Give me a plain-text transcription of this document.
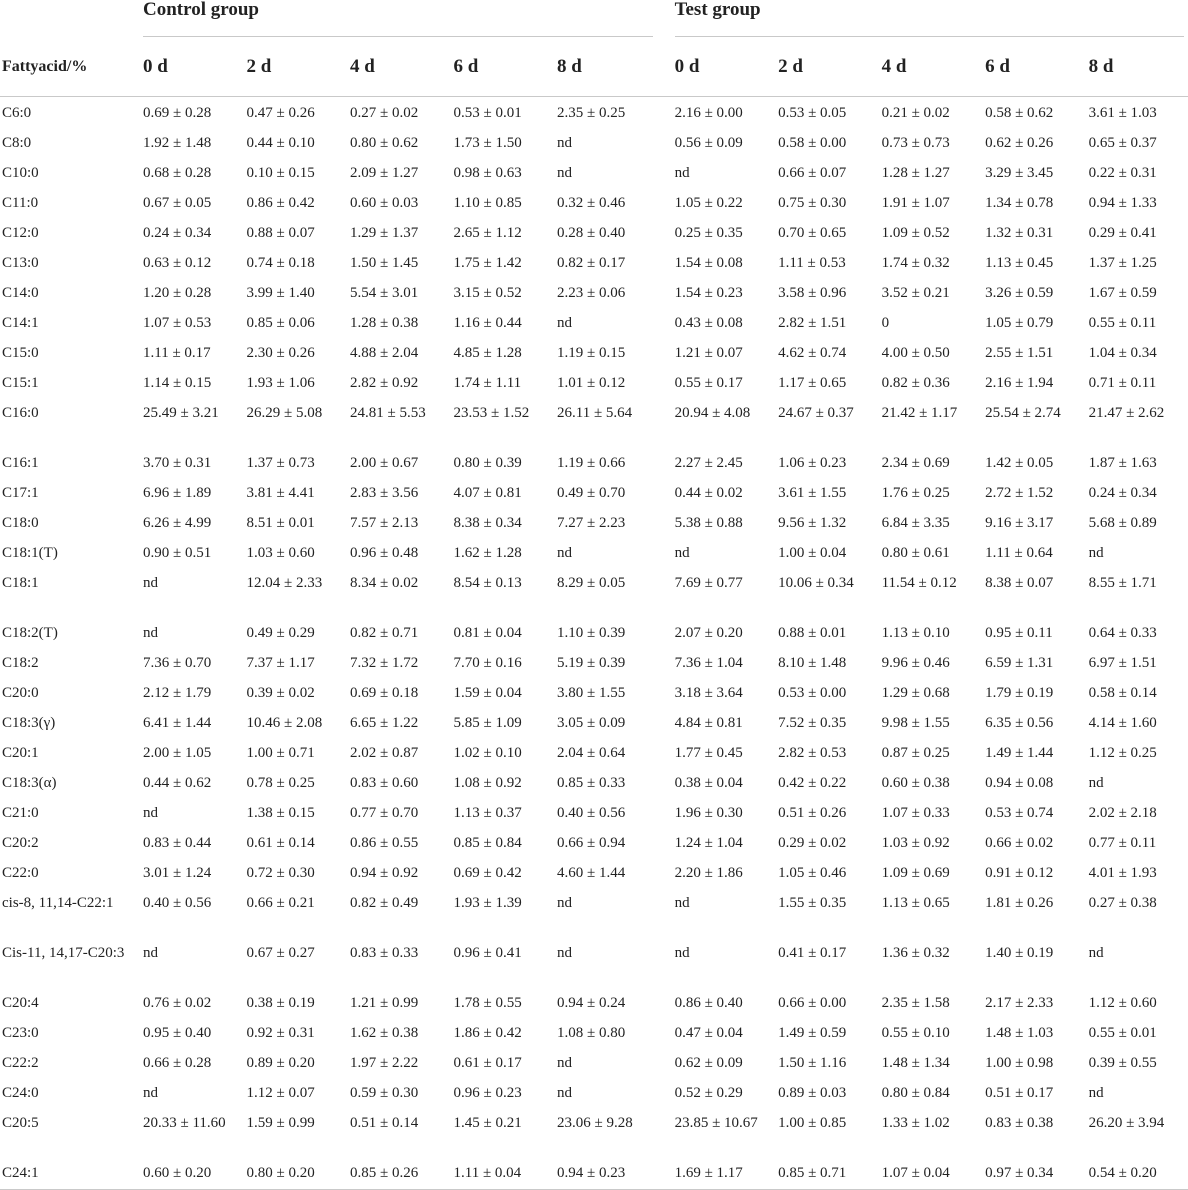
	Control group						Test group				

Fattyacid/%	0 d	2 d	4 d	6 d	8 d		0 d	2 d	4 d	6 d	8 d
C6:0	0.69 ± 0.28	0.47 ± 0.26	0.27 ± 0.02	0.53 ± 0.01	2.35 ± 0.25		2.16 ± 0.00	0.53 ± 0.05	0.21 ± 0.02	0.58 ± 0.62	3.61 ± 1.03
C8:0	1.92 ± 1.48	0.44 ± 0.10	0.80 ± 0.62	1.73 ± 1.50	nd		0.56 ± 0.09	0.58 ± 0.00	0.73 ± 0.73	0.62 ± 0.26	0.65 ± 0.37
C10:0	0.68 ± 0.28	0.10 ± 0.15	2.09 ± 1.27	0.98 ± 0.63	nd		nd	0.66 ± 0.07	1.28 ± 1.27	3.29 ± 3.45	0.22 ± 0.31
C11:0	0.67 ± 0.05	0.86 ± 0.42	0.60 ± 0.03	1.10 ± 0.85	0.32 ± 0.46		1.05 ± 0.22	0.75 ± 0.30	1.91 ± 1.07	1.34 ± 0.78	0.94 ± 1.33
C12:0	0.24 ± 0.34	0.88 ± 0.07	1.29 ± 1.37	2.65 ± 1.12	0.28 ± 0.40		0.25 ± 0.35	0.70 ± 0.65	1.09 ± 0.52	1.32 ± 0.31	0.29 ± 0.41
C13:0	0.63 ± 0.12	0.74 ± 0.18	1.50 ± 1.45	1.75 ± 1.42	0.82 ± 0.17		1.54 ± 0.08	1.11 ± 0.53	1.74 ± 0.32	1.13 ± 0.45	1.37 ± 1.25
C14:0	1.20 ± 0.28	3.99 ± 1.40	5.54 ± 3.01	3.15 ± 0.52	2.23 ± 0.06		1.54 ± 0.23	3.58 ± 0.96	3.52 ± 0.21	3.26 ± 0.59	1.67 ± 0.59
C14:1	1.07 ± 0.53	0.85 ± 0.06	1.28 ± 0.38	1.16 ± 0.44	nd		0.43 ± 0.08	2.82 ± 1.51	0	1.05 ± 0.79	0.55 ± 0.11
C15:0	1.11 ± 0.17	2.30 ± 0.26	4.88 ± 2.04	4.85 ± 1.28	1.19 ± 0.15		1.21 ± 0.07	4.62 ± 0.74	4.00 ± 0.50	2.55 ± 1.51	1.04 ± 0.34
C15:1	1.14 ± 0.15	1.93 ± 1.06	2.82 ± 0.92	1.74 ± 1.11	1.01 ± 0.12		0.55 ± 0.17	1.17 ± 0.65	0.82 ± 0.36	2.16 ± 1.94	0.71 ± 0.11
C16:0	25.49 ± 3.21	26.29 ± 5.08	24.81 ± 5.53	23.53 ± 1.52	26.11 ± 5.64		20.94 ± 4.08	24.67 ± 0.37	21.42 ± 1.17	25.54 ± 2.74	21.47 ± 2.62
C16:1	3.70 ± 0.31	1.37 ± 0.73	2.00 ± 0.67	0.80 ± 0.39	1.19 ± 0.66		2.27 ± 2.45	1.06 ± 0.23	2.34 ± 0.69	1.42 ± 0.05	1.87 ± 1.63
C17:1	6.96 ± 1.89	3.81 ± 4.41	2.83 ± 3.56	4.07 ± 0.81	0.49 ± 0.70		0.44 ± 0.02	3.61 ± 1.55	1.76 ± 0.25	2.72 ± 1.52	0.24 ± 0.34
C18:0	6.26 ± 4.99	8.51 ± 0.01	7.57 ± 2.13	8.38 ± 0.34	7.27 ± 2.23		5.38 ± 0.88	9.56 ± 1.32	6.84 ± 3.35	9.16 ± 3.17	5.68 ± 0.89
C18:1(T)	0.90 ± 0.51	1.03 ± 0.60	0.96 ± 0.48	1.62 ± 1.28	nd		nd	1.00 ± 0.04	0.80 ± 0.61	1.11 ± 0.64	nd
C18:1	nd	12.04 ± 2.33	8.34 ± 0.02	8.54 ± 0.13	8.29 ± 0.05		7.69 ± 0.77	10.06 ± 0.34	11.54 ± 0.12	8.38 ± 0.07	8.55 ± 1.71
C18:2(T)	nd	0.49 ± 0.29	0.82 ± 0.71	0.81 ± 0.04	1.10 ± 0.39		2.07 ± 0.20	0.88 ± 0.01	1.13 ± 0.10	0.95 ± 0.11	0.64 ± 0.33
C18:2	7.36 ± 0.70	7.37 ± 1.17	7.32 ± 1.72	7.70 ± 0.16	5.19 ± 0.39		7.36 ± 1.04	8.10 ± 1.48	9.96 ± 0.46	6.59 ± 1.31	6.97 ± 1.51
C20:0	2.12 ± 1.79	0.39 ± 0.02	0.69 ± 0.18	1.59 ± 0.04	3.80 ± 1.55		3.18 ± 3.64	0.53 ± 0.00	1.29 ± 0.68	1.79 ± 0.19	0.58 ± 0.14
C18:3(γ)	6.41 ± 1.44	10.46 ± 2.08	6.65 ± 1.22	5.85 ± 1.09	3.05 ± 0.09		4.84 ± 0.81	7.52 ± 0.35	9.98 ± 1.55	6.35 ± 0.56	4.14 ± 1.60
C20:1	2.00 ± 1.05	1.00 ± 0.71	2.02 ± 0.87	1.02 ± 0.10	2.04 ± 0.64		1.77 ± 0.45	2.82 ± 0.53	0.87 ± 0.25	1.49 ± 1.44	1.12 ± 0.25
C18:3(α)	0.44 ± 0.62	0.78 ± 0.25	0.83 ± 0.60	1.08 ± 0.92	0.85 ± 0.33		0.38 ± 0.04	0.42 ± 0.22	0.60 ± 0.38	0.94 ± 0.08	nd
C21:0	nd	1.38 ± 0.15	0.77 ± 0.70	1.13 ± 0.37	0.40 ± 0.56		1.96 ± 0.30	0.51 ± 0.26	1.07 ± 0.33	0.53 ± 0.74	2.02 ± 2.18
C20:2	0.83 ± 0.44	0.61 ± 0.14	0.86 ± 0.55	0.85 ± 0.84	0.66 ± 0.94		1.24 ± 1.04	0.29 ± 0.02	1.03 ± 0.92	0.66 ± 0.02	0.77 ± 0.11
C22:0	3.01 ± 1.24	0.72 ± 0.30	0.94 ± 0.92	0.69 ± 0.42	4.60 ± 1.44		2.20 ± 1.86	1.05 ± 0.46	1.09 ± 0.69	0.91 ± 0.12	4.01 ± 1.93
cis-8, 11,14-C22:1	0.40 ± 0.56	0.66 ± 0.21	0.82 ± 0.49	1.93 ± 1.39	nd		nd	1.55 ± 0.35	1.13 ± 0.65	1.81 ± 0.26	0.27 ± 0.38
Cis-11, 14,17-C20:3	nd	0.67 ± 0.27	0.83 ± 0.33	0.96 ± 0.41	nd		nd	0.41 ± 0.17	1.36 ± 0.32	1.40 ± 0.19	nd
C20:4	0.76 ± 0.02	0.38 ± 0.19	1.21 ± 0.99	1.78 ± 0.55	0.94 ± 0.24		0.86 ± 0.40	0.66 ± 0.00	2.35 ± 1.58	2.17 ± 2.33	1.12 ± 0.60
C23:0	0.95 ± 0.40	0.92 ± 0.31	1.62 ± 0.38	1.86 ± 0.42	1.08 ± 0.80		0.47 ± 0.04	1.49 ± 0.59	0.55 ± 0.10	1.48 ± 1.03	0.55 ± 0.01
C22:2	0.66 ± 0.28	0.89 ± 0.20	1.97 ± 2.22	0.61 ± 0.17	nd		0.62 ± 0.09	1.50 ± 1.16	1.48 ± 1.34	1.00 ± 0.98	0.39 ± 0.55
C24:0	nd	1.12 ± 0.07	0.59 ± 0.30	0.96 ± 0.23	nd		0.52 ± 0.29	0.89 ± 0.03	0.80 ± 0.84	0.51 ± 0.17	nd
C20:5	20.33 ± 11.60	1.59 ± 0.99	0.51 ± 0.14	1.45 ± 0.21	23.06 ± 9.28		23.85 ± 10.67	1.00 ± 0.85	1.33 ± 1.02	0.83 ± 0.38	26.20 ± 3.94
C24:1	0.60 ± 0.20	0.80 ± 0.20	0.85 ± 0.26	1.11 ± 0.04	0.94 ± 0.23		1.69 ± 1.17	0.85 ± 0.71	1.07 ± 0.04	0.97 ± 0.34	0.54 ± 0.20
